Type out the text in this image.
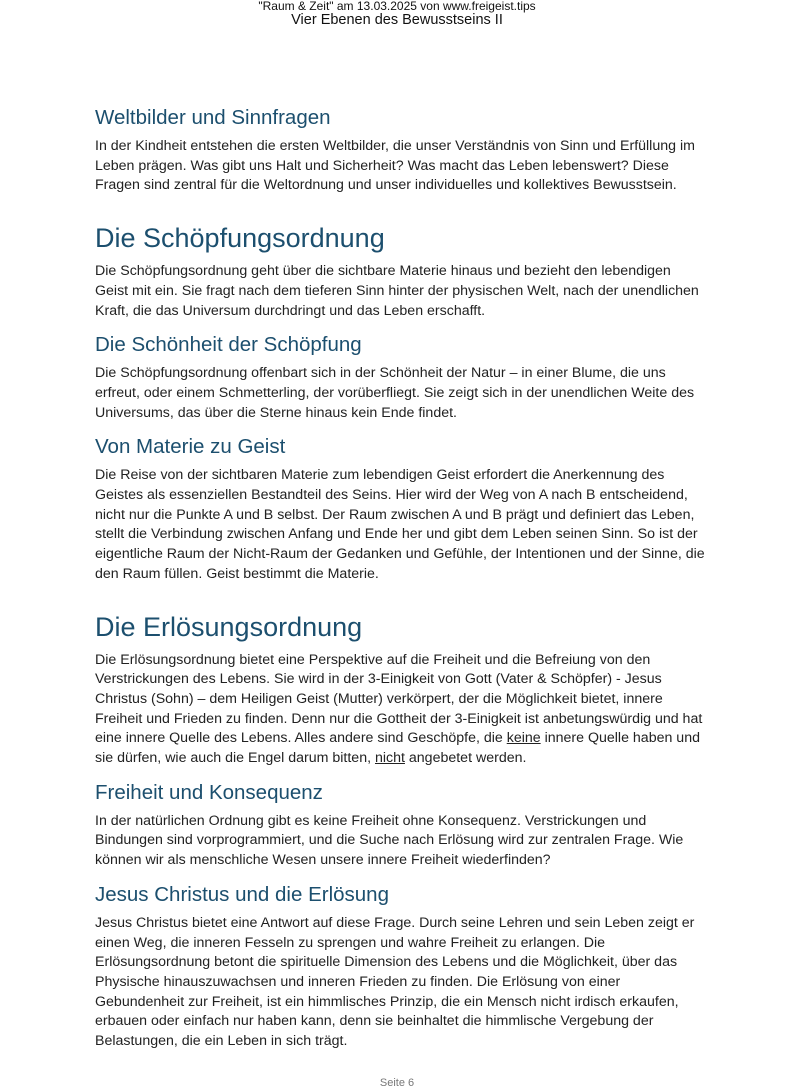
"Raum & Zeit" am 13.03.2025 von www.freigeist.tips
Vier Ebenen des Bewusstseins II
Weltbilder und Sinnfragen

In der Kindheit entstehen die ersten Weltbilder, die unser Verständnis von Sinn und Erfüllung im Leben prägen. Was gibt uns Halt und Sicherheit? Was macht das Leben lebenswert? Diese Fragen sind zentral für die Weltordnung und unser individuelles und kollektives Bewusstsein.

Die Schöpfungsordnung

Die Schöpfungsordnung geht über die sichtbare Materie hinaus und bezieht den lebendigen Geist mit ein. Sie fragt nach dem tieferen Sinn hinter der physischen Welt, nach der unendlichen Kraft, die das Universum durchdringt und das Leben erschafft.

Die Schönheit der Schöpfung

Die Schöpfungsordnung offenbart sich in der Schönheit der Natur – in einer Blume, die uns erfreut, oder einem Schmetterling, der vorüberfliegt. Sie zeigt sich in der unendlichen Weite des Universums, das über die Sterne hinaus kein Ende findet.

Von Materie zu Geist

Die Reise von der sichtbaren Materie zum lebendigen Geist erfordert die Anerkennung des Geistes als essenziellen Bestandteil des Seins. Hier wird der Weg von A nach B entscheidend, nicht nur die Punkte A und B selbst. Der Raum zwischen A und B prägt und definiert das Leben, stellt die Verbindung zwischen Anfang und Ende her und gibt dem Leben seinen Sinn. So ist der eigentliche Raum der Nicht-Raum der Gedanken und Gefühle, der Intentionen und der Sinne, die den Raum füllen. Geist bestimmt die Materie.

Die Erlösungsordnung

Die Erlösungsordnung bietet eine Perspektive auf die Freiheit und die Befreiung von den Verstrickungen des Lebens. Sie wird in der 3-Einigkeit von Gott (Vater & Schöpfer) - Jesus Christus (Sohn) – dem Heiligen Geist (Mutter) verkörpert, der die Möglichkeit bietet, innere Freiheit und Frieden zu finden. Denn nur die Gottheit der 3-Einigkeit ist anbetungswürdig und hat eine innere Quelle des Lebens. Alles andere sind Geschöpfe, die keine innere Quelle haben und sie dürfen, wie auch die Engel darum bitten, nicht angebetet werden.

Freiheit und Konsequenz

In der natürlichen Ordnung gibt es keine Freiheit ohne Konsequenz. Verstrickungen und Bindungen sind vorprogrammiert, und die Suche nach Erlösung wird zur zentralen Frage. Wie können wir als menschliche Wesen unsere innere Freiheit wiederfinden?

Jesus Christus und die Erlösung

Jesus Christus bietet eine Antwort auf diese Frage. Durch seine Lehren und sein Leben zeigt er einen Weg, die inneren Fesseln zu sprengen und wahre Freiheit zu erlangen. Die Erlösungsordnung betont die spirituelle Dimension des Lebens und die Möglichkeit, über das Physische hinauszuwachsen und inneren Frieden zu finden. Die Erlösung von einer Gebundenheit zur Freiheit, ist ein himmlisches Prinzip, die ein Mensch nicht irdisch erkaufen, erbauen oder einfach nur haben kann, denn sie beinhaltet die himmlische Vergebung der Belastungen, die ein Leben in sich trägt.

Seite 6
